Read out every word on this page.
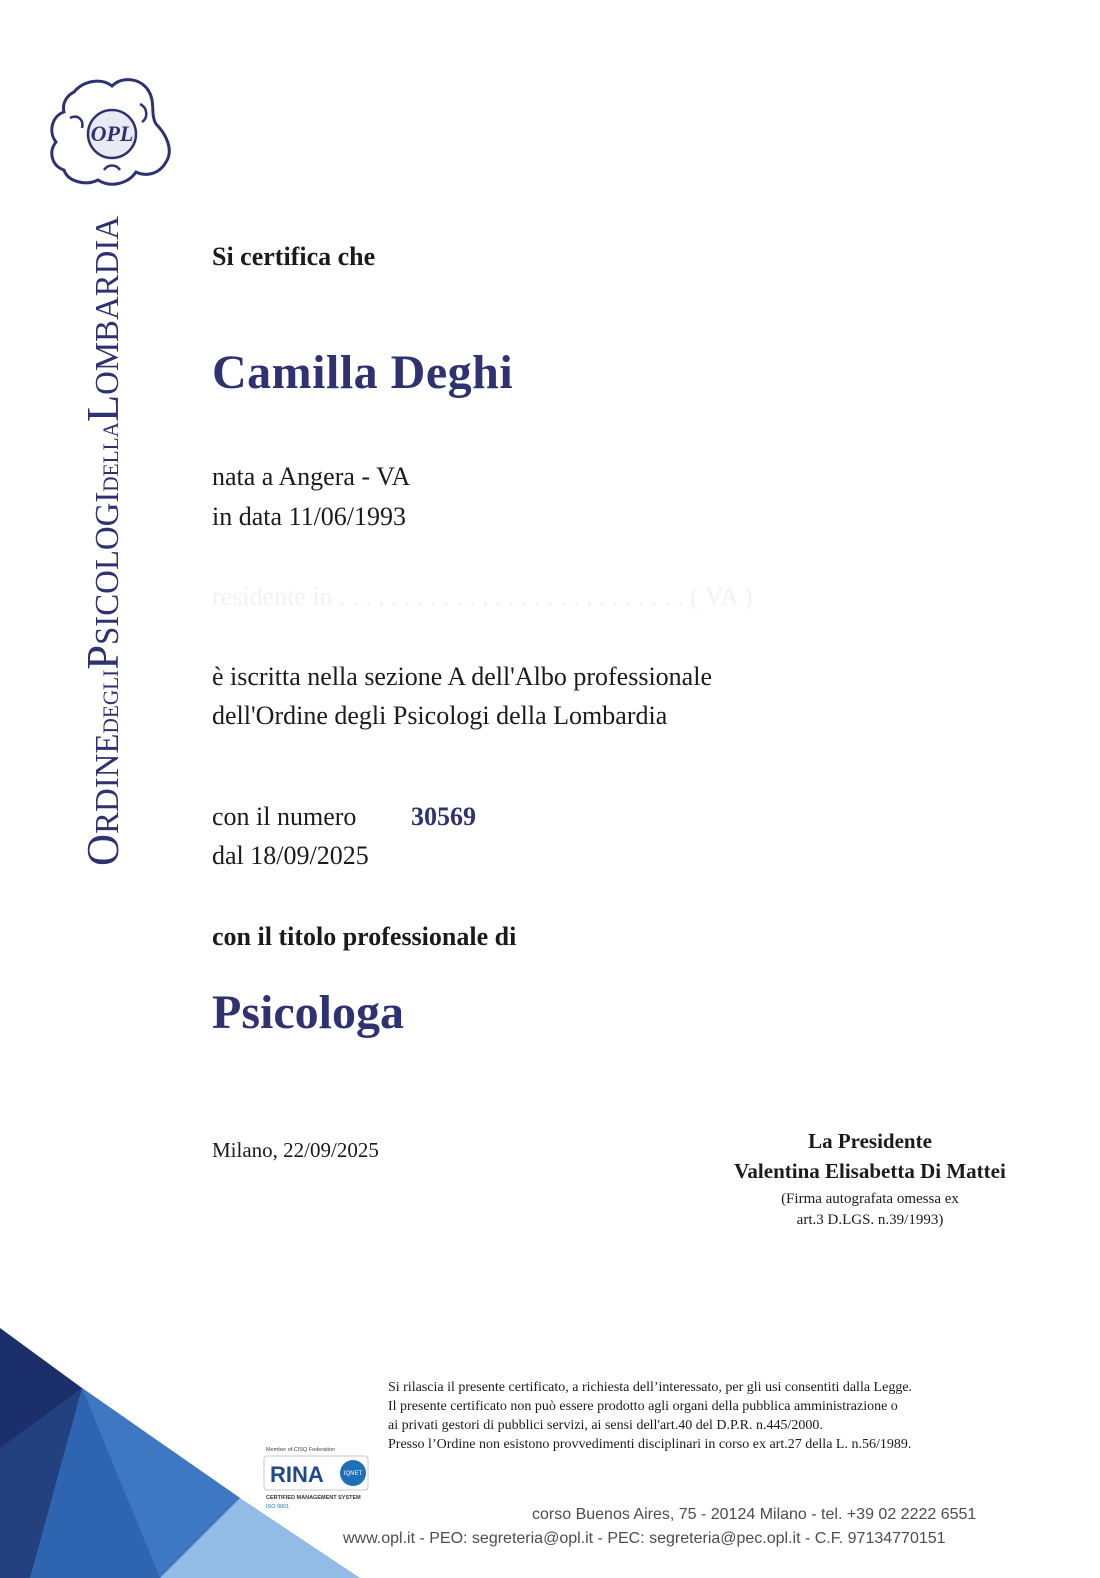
OPL
ORDINEDEGLIPSICOLOGIDELLALOMBARDIA	Si certifica che
Camilla Deghi
nata a Angera - VA
in data 11/06/1993
residente in . . . . . . . . . . . . . . . . . . . . . . . . . . . ( VA )
è iscritta nella sezione A dell'Albo professionale
dell'Ordine degli Psicologi della Lombardia
con il numero 30569
dal 18/09/2025
con il titolo professionale di
Psicologa
Milano, 22/09/2025	La Presidente
Valentina Elisabetta Di Mattei
(Firma autografata omessa ex
art.3 D.LGS. n.39/1993)
Member of CISQ Federation
RINA	IQNET
CERTIFIED MANAGEMENT SYSTEM
ISO 9001
Si rilascia il presente certificato, a richiesta dell’interessato, per gli usi consentiti dalla Legge.
Il presente certificato non può essere prodotto agli organi della pubblica amministrazione o
ai privati gestori di pubblici servizi, ai sensi dell'art.40 del D.P.R. n.445/2000.
Presso l’Ordine non esistono provvedimenti disciplinari in corso ex art.27 della L. n.56/1989.
corso Buenos Aires, 75 - 20124 Milano - tel. +39 02 2222 6551
www.opl.it - PEO: segreteria@opl.it - PEC: segreteria@pec.opl.it - C.F. 97134770151
